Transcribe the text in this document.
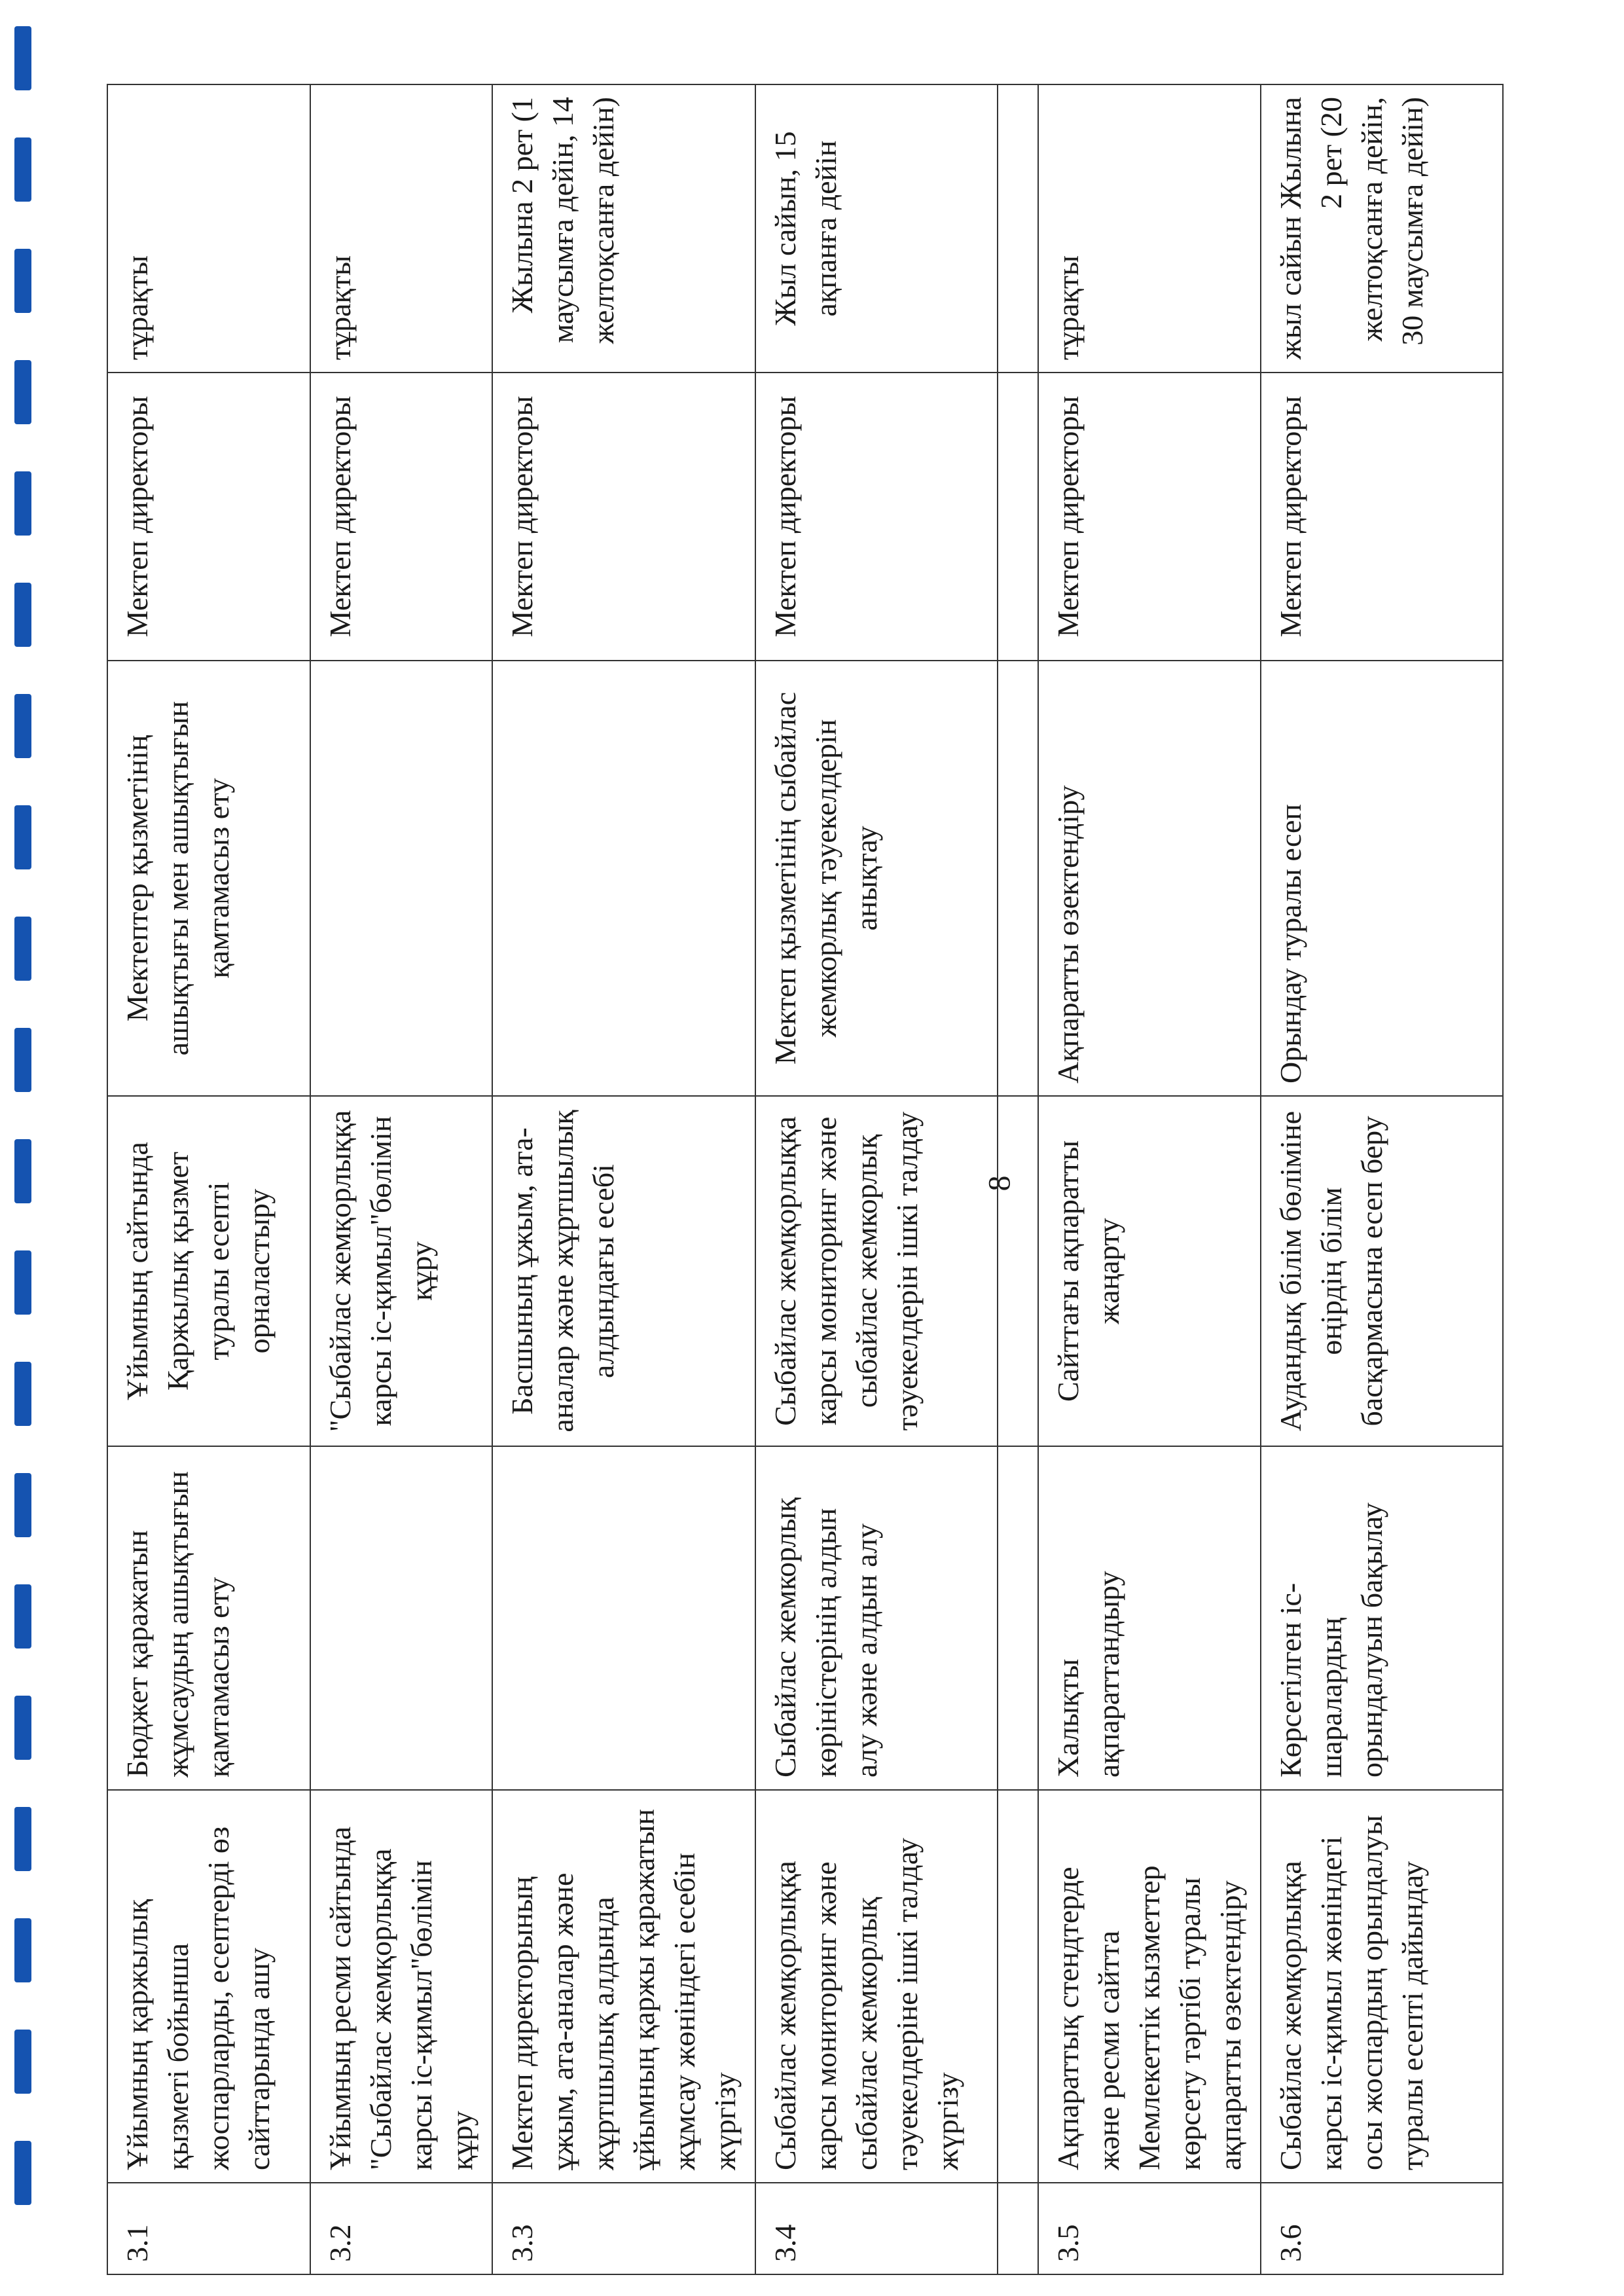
8
3.1	Ұйымның қаржылық қызметі бойынша жоспарларды, есептерді өз сайттарында ашу	Бюджет қаражатын жұмсаудың ашықтығын қамтамасыз ету	Ұйымның сайтында Қаржылық қызмет туралы есепті орналастыру	Мектептер қызметінің ашықтығы мен ашықтығын қамтамасыз ету	Мектеп директоры	тұрақты
3.2	Ұйымның ресми сайтында "Сыбайлас жемқорлыққа карсы іс-қимыл"бөлімін құру		"Сыбайлас жемқорлыққа карсы іс-қимыл"бөлімін құру		Мектеп директоры	тұрақты
3.3	Мектеп директорының ұжым, ата-аналар және жұртшылық алдында ұйымның қаржы қаражатын жұмсау жөніндегі есебін жүргізу		Басшының ұжым, ата-аналар және жұртшылық алдындағы есебі		Мектеп директоры	Жылына 2 рет (1 маусымға дейін, 14 желтоқсанға дейін)
3.4	Сыбайлас жемқорлыққа карсы мониторинг және сыбайлас жемкорлық тәуекелдеріне ішкі талдау жүргізу	Сыбайлас жемкорлық көріністерінің алдын алу және алдын алу	Сыбайлас жемқорлыққа карсы мониторинг және сыбайлас жемкорлық тәуекелдерін ішкі талдау	Мектеп қызметінің сыбайлас жемкорлық тәуекелдерін анықтау	Мектеп директоры	Жыл сайын, 15 ақпанға дейін

3.5	Ақпараттық стендтерде және ресми сайтта Мемлекеттік кызметтер көрсету тәртібі туралы ақпаратты өзектендіру	Халықты ақпараттандыру	Сайттағы ақпаратты жаңарту	Ақпаратты өзектендіру	Мектеп директоры	тұрақты
3.6	Сыбайлас жемқорлыққа карсы іс-қимыл жөніндегі осы жоспардың орындалуы туралы есепті дайындау	Көрсетілген іс-шаралардың орындалуын бақылау	Аудандық білім бөліміне өңірдің білім басқармасына есеп беру	Орындау туралы есеп	Мектеп директоры	жыл сайын Жылына 2 рет (20 желтоқсанға дейін, 30 маусымға дейін)
